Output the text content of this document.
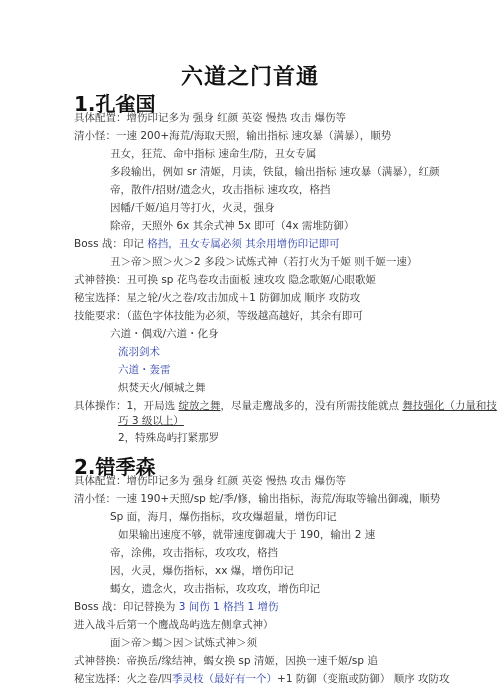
六道之门首通
1.孔雀国
具体配置：增伤印记多为 强身 红颜 英姿 慢热 攻击 爆伤等
清小怪：一速 200+海荒/海取天照，输出指标 速攻暴（满暴），顺势
丑女，狂荒、命中指标 速命生/防，丑女专属
多段输出，例如 sr 清姬，月读，铁鼠，输出指标 速攻暴（满暴），红颜
帝，散件/招财/遗念火，攻击指标 速攻攻，格挡
因幡/千姬/追月等打火，火灵，强身
除帝，天照外 6x 其余式神 5x 即可（4x 需堆防御）
Boss 战：印记 格挡，丑女专属必须 其余用增伤印记即可
丑＞帝＞照＞火＞2 多段＞试炼式神（若打火为千姬 则千姬一速）
式神替换：丑可换 sp 花鸟卷攻击面板 速攻攻 隐念歌姬/心眼歌姬
秘宝选择：星之轮/火之卷/攻击加成＋1 防御加成 顺序 攻防攻
技能要求：（蓝色字体技能为必须，等级越高越好，其余有即可
六道・偶戏/六道・化身
流羽剑术
六道・轰雷
炽焚天火/倾城之舞
具体操作：1，开局选 绽放之舞，尽量走鹰战多的，没有所需技能就点 舞技强化（力量和技
巧 3 级以上）
2，特殊岛屿打紧那罗
2.错季森
具体配置：增伤印记多为 强身 红颜 英姿 慢热 攻击 爆伤等
清小怪：一速 190+天照/sp 蛇/季/修，输出指标，海荒/海取等输出御魂，顺势
Sp 面，海月，爆伤指标，攻攻爆超量，增伤印记
如果输出速度不够，就带速度御魂大于 190，输出 2 速
帝，涂佛，攻击指标，攻攻攻，格挡
因，火灵，爆伤指标，xx 爆，增伤印记
蝎女，遗念火，攻击指标，攻攻攻，增伤印记
Boss 战：印记替换为 3 间伤 1 格挡 1 增伤
进入战斗后第一个鹰战岛屿选左侧拿式神）
面＞帝＞蝎＞因＞试炼式神＞须
式神替换：帝换岳/缘结神，蝎女换 sp 清姬，因换一速千姬/sp 追
秘宝选择：火之卷/四季灵枝（最好有一个）+1 防御（变瓶或防御） 顺序 攻防攻
